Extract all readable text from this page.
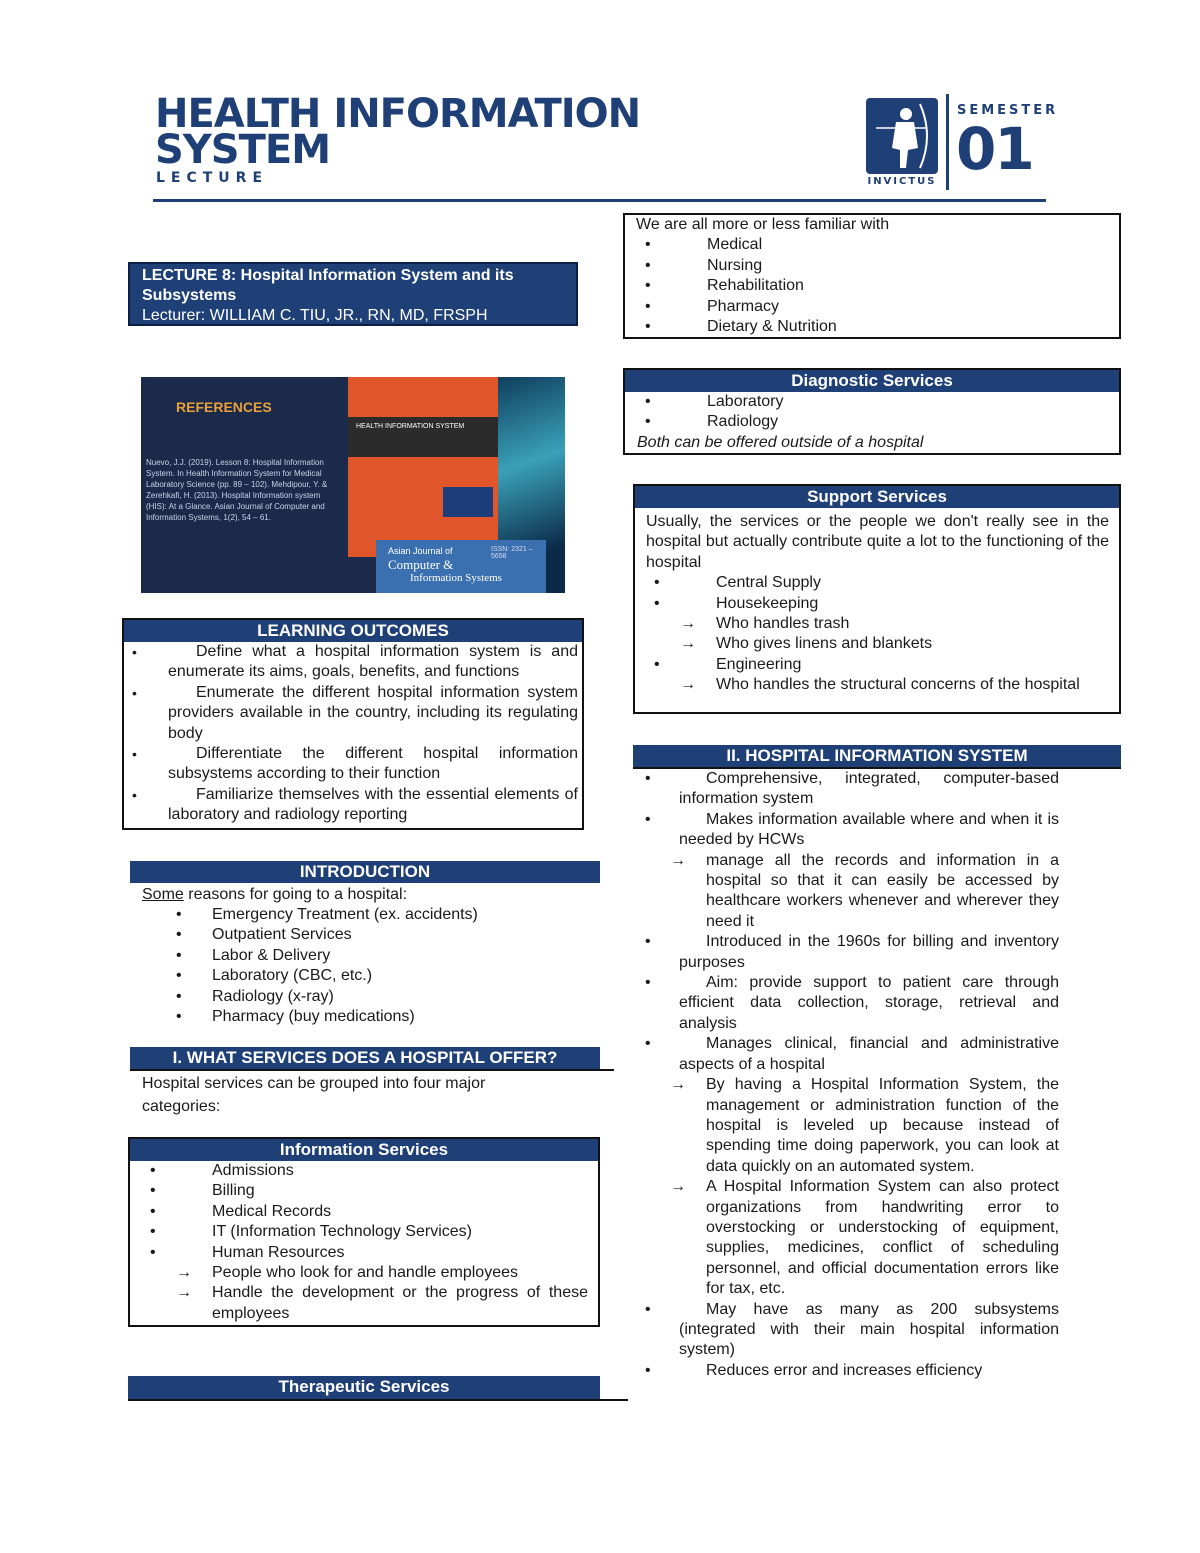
HEALTH INFORMATION
SYSTEM
LECTURE	INVICTUS
SEMESTER
01
LECTURE 8: Hospital Information System and its Subsystems
Lecturer: WILLIAM C. TIU, JR., RN, MD, FRSPH
REFERENCES
Nuevo, J.J. (2019). Lesson 8: Hospital Information System. In Health Information System for Medical Laboratory Science (pp. 89 – 102). Mehdipour, Y. & Zerehkafi, H. (2013). Hospital Information system (HIS): At a Glance. Asian Journal of Computer and Information Systems, 1(2), 54 – 61.
HEALTH INFORMATION SYSTEM
Asian Journal of
Computer &
Information Systems
ISSN: 2321 – 5658
LEARNING OUTCOMES
• Define what a hospital information system is and enumerate its aims, goals, benefits, and functions
• Enumerate the different hospital information system providers available in the country, including its regulating body
• Differentiate the different hospital information subsystems according to their function
• Familiarize themselves with the essential elements of laboratory and radiology reporting
INTRODUCTION
Some reasons for going to a hospital:
• Emergency Treatment (ex. accidents)
• Outpatient Services
• Labor & Delivery
• Laboratory (CBC, etc.)
• Radiology (x-ray)
• Pharmacy (buy medications)
I. WHAT SERVICES DOES A HOSPITAL OFFER?
Hospital services can be grouped into four major
categories:
Information Services
•	Admissions
•	Billing
•	Medical Records
•	IT (Information Technology Services)
•	Human Resources
→ People who look for and handle employees
→ Handle the development or the progress of these employees
Therapeutic Services
We are all more or less familiar with
•	Medical
•	Nursing
•	Rehabilitation
•	Pharmacy
•	Dietary & Nutrition
Diagnostic Services
•	Laboratory
•	Radiology
Both can be offered outside of a hospital
Support Services
Usually, the services or the people we don't really see in the hospital but actually contribute quite a lot to the functioning of the hospital
•	Central Supply
•	Housekeeping
→ Who handles trash
→ Who gives linens and blankets
•	Engineering
→ Who handles the structural concerns of the hospital
II. HOSPITAL INFORMATION SYSTEM
•	Comprehensive, integrated, computer-based information system
•	Makes information available where and when it is needed by HCWs
→ manage all the records and information in a hospital so that it can easily be accessed by healthcare workers whenever and wherever they need it
•	Introduced in the 1960s for billing and inventory purposes
•	Aim: provide support to patient care through efficient data collection, storage, retrieval and analysis
•	Manages clinical, financial and administrative aspects of a hospital
→ By having a Hospital Information System, the management or administration function of the hospital is leveled up because instead of spending time doing paperwork, you can look at data quickly on an automated system.
→ A Hospital Information System can also protect organizations from handwriting error to overstocking or understocking of equipment, supplies, medicines, conflict of scheduling personnel, and official documentation errors like for tax, etc.
•	May have as many as 200 subsystems (integrated with their main hospital information system)
•	Reduces error and increases efficiency
